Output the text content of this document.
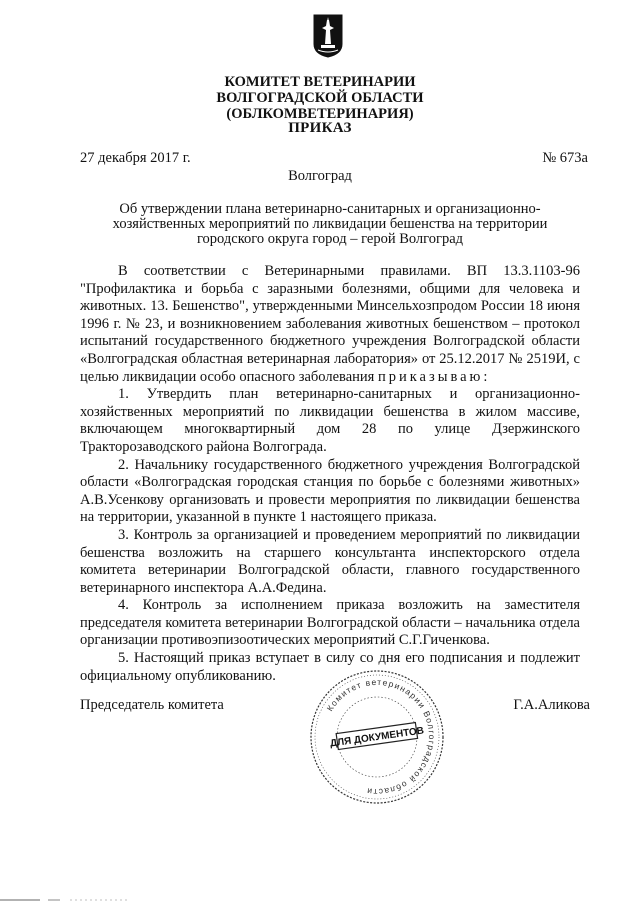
КОМИТЕТ ВЕТЕРИНАРИИ
ВОЛГОГРАДСКОЙ ОБЛАСТИ
(ОБЛКОМВЕТЕРИНАРИЯ)
ПРИКАЗ
27 декабря 2017 г.	№ 673а
Волгоград
Об утверждении плана ветеринарно-санитарных и организационно-
хозяйственных мероприятий по ликвидации бешенства на территории
городского округа город – герой Волгоград

В соответствии с Ветеринарными правилами. ВП 13.3.1103-96 "Профилактика и борьба с заразными болезнями, общими для человека и животных. 13. Бешенство", утвержденными Минсельхозпродом России 18 июня 1996 г. № 23, и возникновением заболевания животных бешенством – протокол испытаний государственного бюджетного учреждения Волгоградской области «Волгоградская областная ветеринарная лаборатория» от 25.12.2017 № 2519И, с целью ликвидации особо опасного заболевания приказываю:

1. Утвердить план ветеринарно-санитарных и организационно-хозяйственных мероприятий по ликвидации бешенства в жилом массиве, включающем многоквартирный дом 28 по улице Дзержинского Тракторозаводского района Волгограда.

2. Начальнику государственного бюджетного учреждения Волгоградской области «Волгоградская городская станция по борьбе с болезнями животных» А.В.Усенкову организовать и провести мероприятия по ликвидации бешенства на территории, указанной в пункте 1 настоящего приказа.

3. Контроль за организацией и проведением мероприятий по ликвидации бешенства возложить на старшего консультанта инспекторского отдела комитета ветеринарии Волгоградской области, главного государственного ветеринарного инспектора А.А.Федина.

4. Контроль за исполнением приказа возложить на заместителя председателя комитета ветеринарии Волгоградской области – начальника отдела организации противоэпизоотических мероприятий С.Г.Гиченкова.

5. Настоящий приказ вступает в силу со дня его подписания и подлежит официальному опубликованию.

Председатель комитета	Г.А.Аликова
Комитет ветеринарии Волгоградской области
ДЛЯ ДОКУМЕНТОВ
